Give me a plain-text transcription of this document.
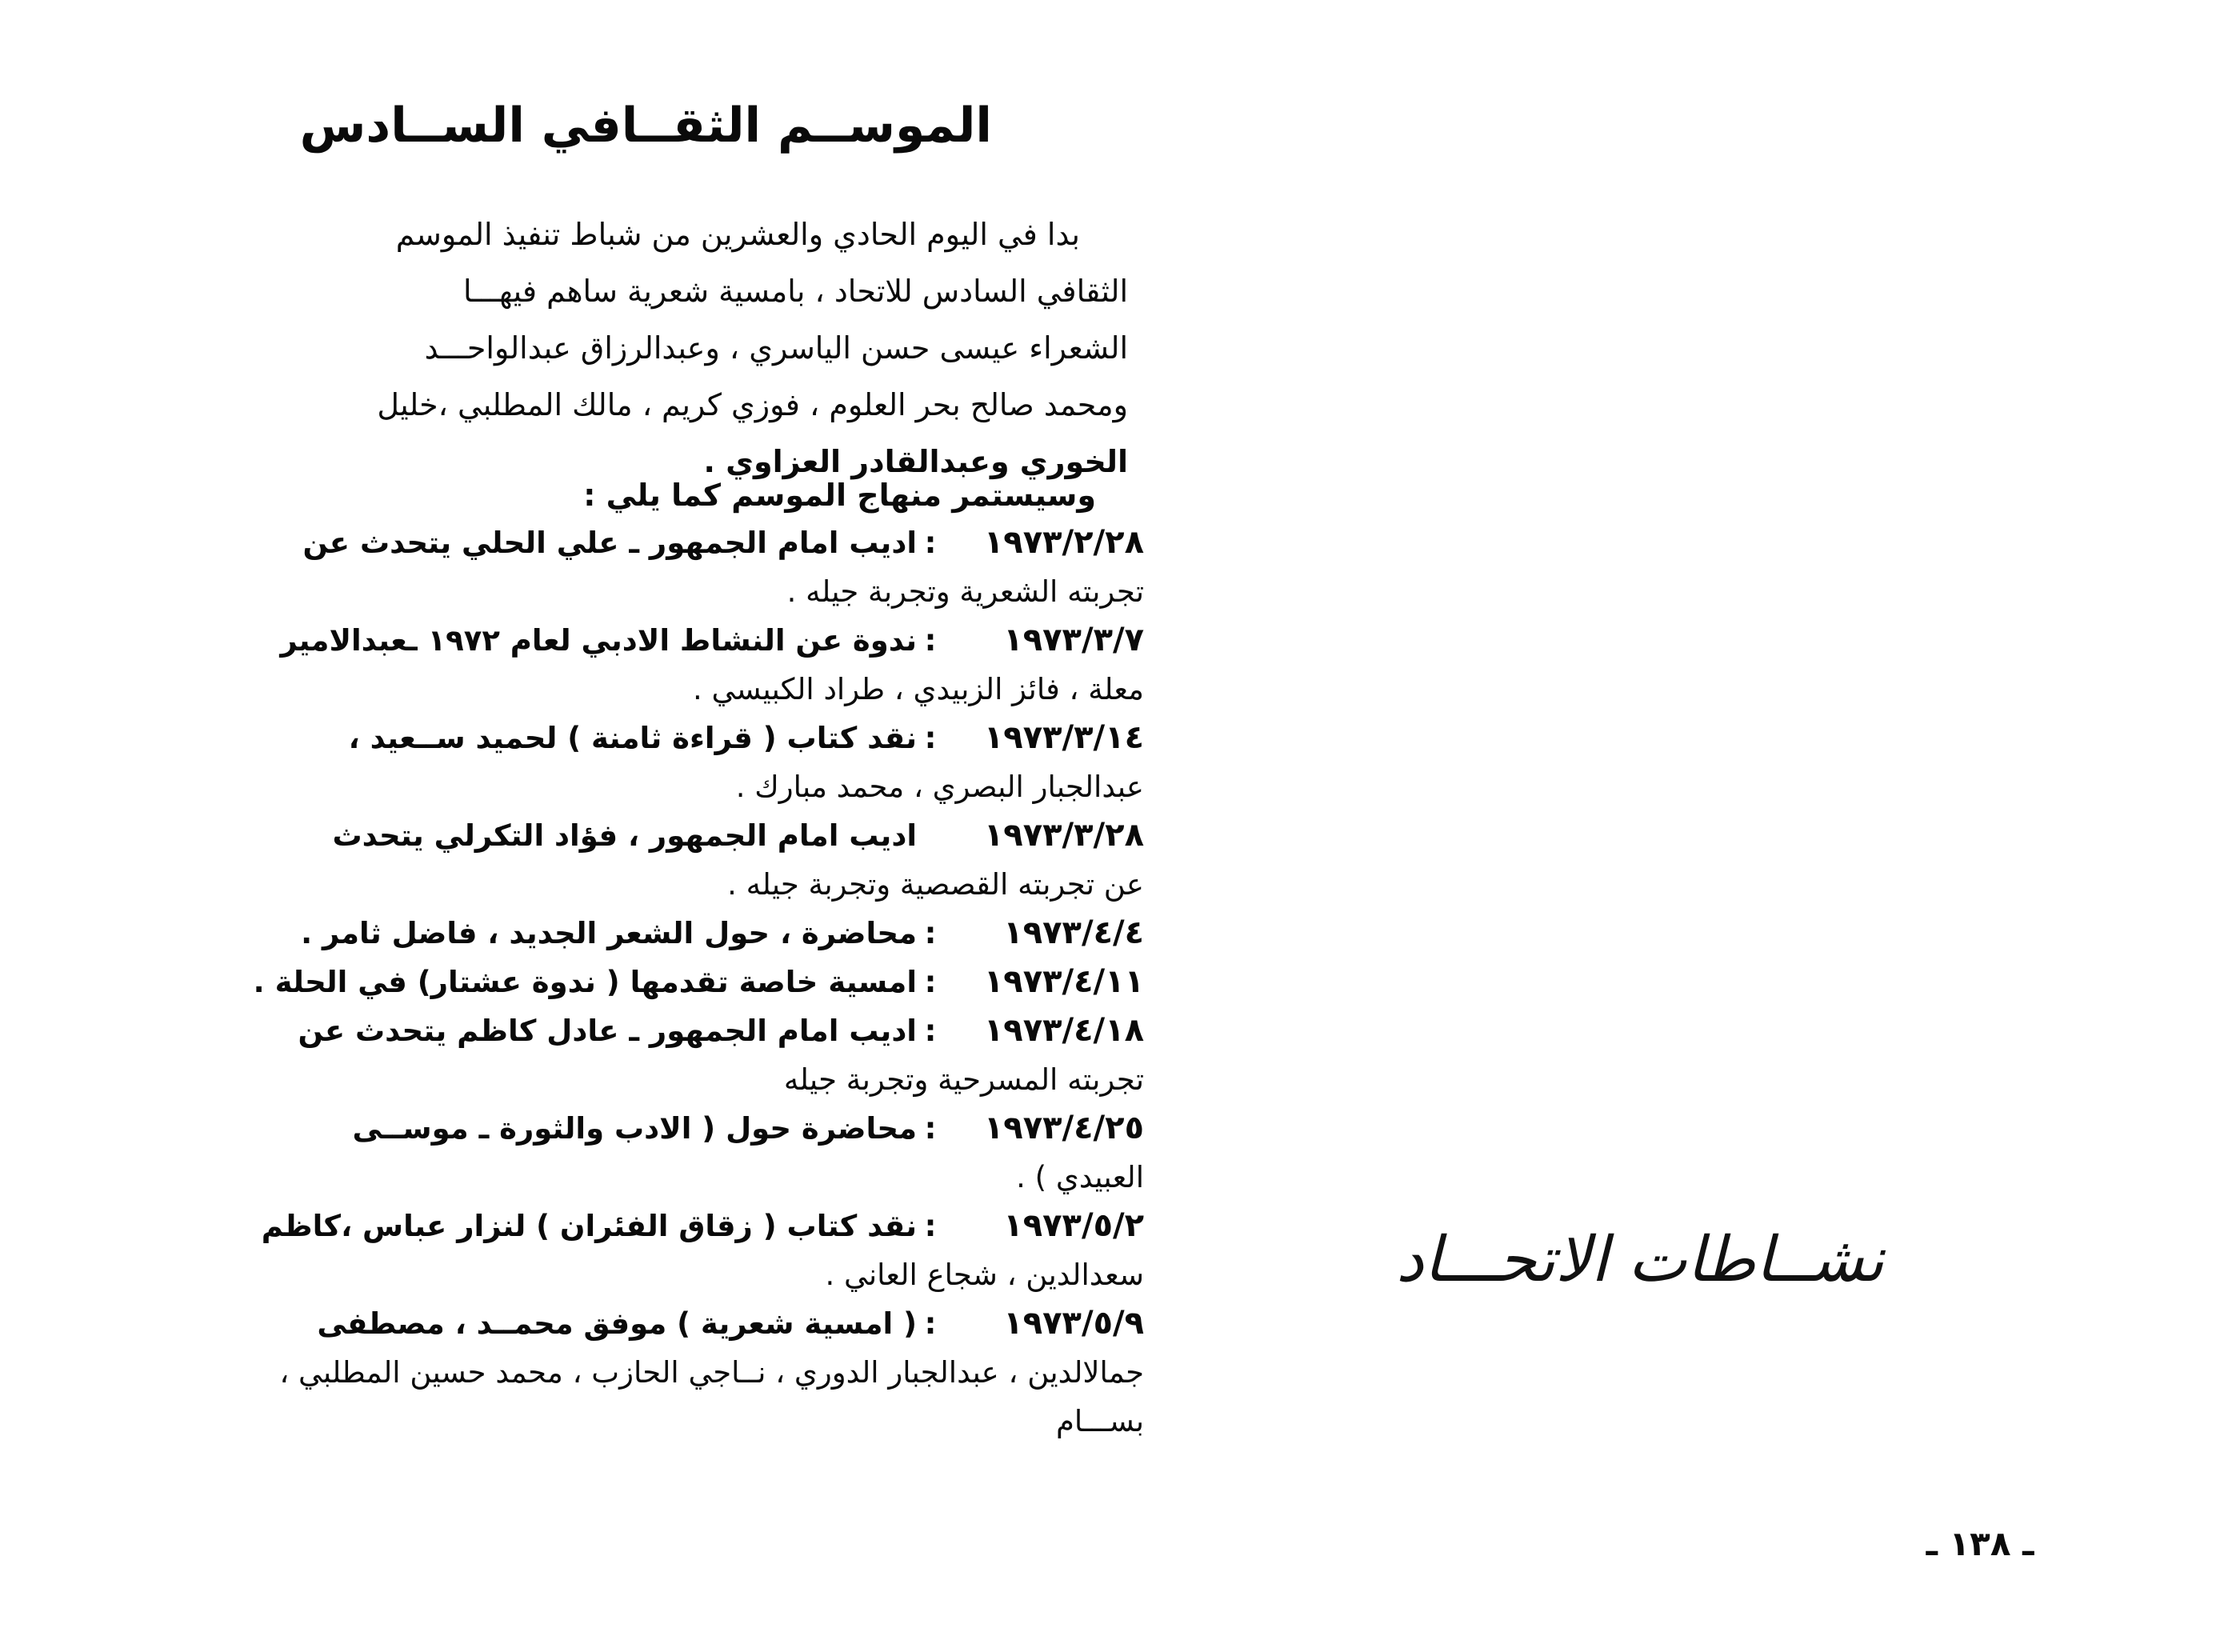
الموســم الثقــافي الســادس
بدا في اليوم الحادي والعشرين من شباط تنفيذ الموسم
الثقافي السادس للاتحاد ، بامسية شعرية ساهم فيهـــا
الشعراء عيسى حسن الياسري ، وعبدالرزاق عبدالواحـــد
ومحمد صالح بحر العلوم ، فوزي كريم ، مالك المطلبي ،خليل
الخوري وعبدالقادر العزاوي .
وسيستمر منهاج الموسم كما يلي :
١٩٧٣/٢/٢٨
:
اديب امام الجمهور ـ علي الحلي يتحدث عن
تجربته الشعرية وتجربة جيله .
١٩٧٣/٣/٧
:
ندوة عن النشاط الادبي لعام ١٩٧٢ ـعبدالامير
معلة ، فائز الزبيدي ، طراد الكبيسي .
١٩٧٣/٣/١٤
:
نقد كتاب ( قراءة ثامنة ) لحميد ســعيد ،
عبدالجبار البصري ، محمد مبارك .
١٩٧٣/٣/٢٨
اديب امام الجمهور ، فؤاد التكرلي يتحدث
عن تجربته القصصية وتجربة جيله .
١٩٧٣/٤/٤
:
محاضرة ، حول الشعر الجديد ، فاضل ثامر .
١٩٧٣/٤/١١
:
امسية خاصة تقدمها ( ندوة عشتار) في الحلة .
١٩٧٣/٤/١٨
:
اديب امام الجمهور ـ عادل كاظم يتحدث عن
تجربته المسرحية وتجربة جيله
١٩٧٣/٤/٢٥
:
محاضرة حول ( الادب والثورة ـ موســى
العبيدي ) .
١٩٧٣/٥/٢
:
نقد كتاب ( زقاق الفئران ) لنزار عباس ،كاظم
سعدالدين ، شجاع العاني .
١٩٧٣/٥/٩
:
( امسية شعرية ) موفق محمــد ، مصطفى
جمالالدين ، عبدالجبار الدوري ، نــاجي الحازب ، محمد حسين المطلبي ، بســـام
نشــاطات الاتحـــاد
ـ ١٣٨ ـ
